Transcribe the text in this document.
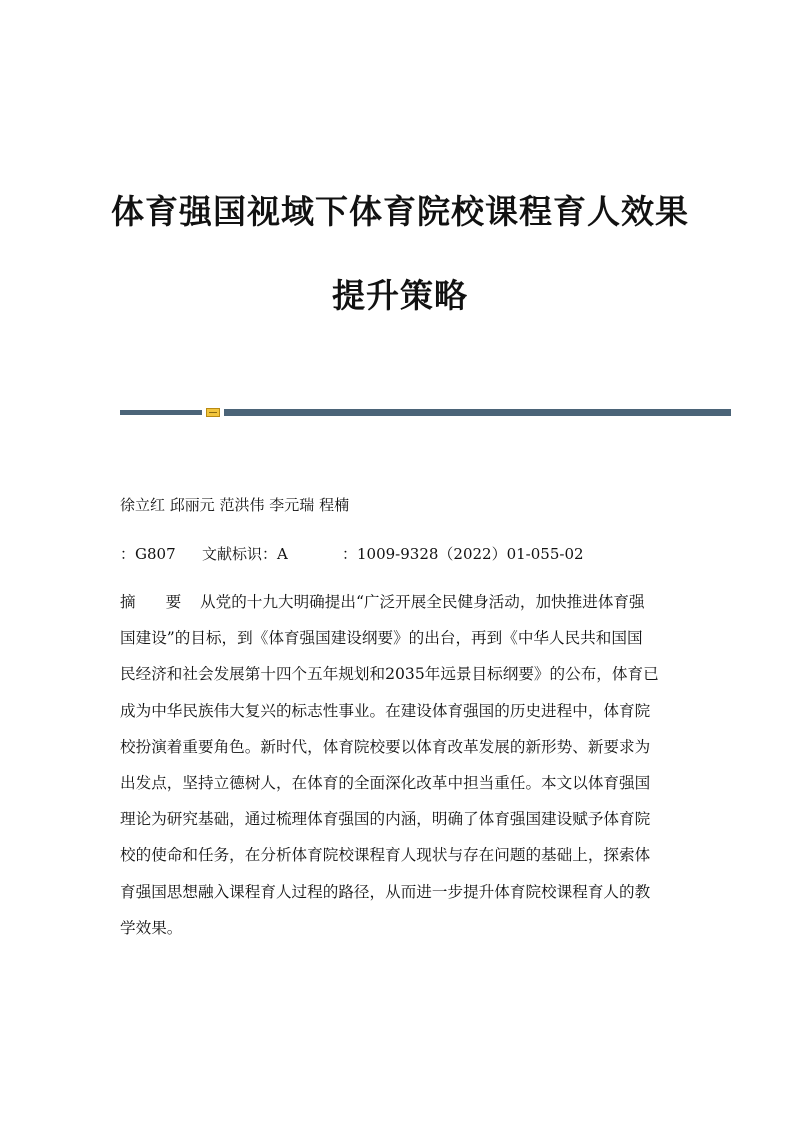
体育强国视域下体育院校课程育人效果
提升策略
徐立红 邱丽元 范洪伟 李元瑞 程楠
：G807 文献标识：A	：1009-9328（2022）01-055-02
摘 要 从党的十九大明确提出“广泛开展全民健身活动，加快推进体育强
国建设”的目标，到《体育强国建设纲要》的出台，再到《中华人民共和国国
民经济和社会发展第十四个五年规划和2035年远景目标纲要》的公布，体育已
成为中华民族伟大复兴的标志性事业。在建设体育强国的历史进程中，体育院
校扮演着重要角色。新时代，体育院校要以体育改革发展的新形势、新要求为
出发点，坚持立德树人，在体育的全面深化改革中担当重任。本文以体育强国
理论为研究基础，通过梳理体育强国的内涵，明确了体育强国建设赋予体育院
校的使命和任务，在分析体育院校课程育人现状与存在问题的基础上，探索体
育强国思想融入课程育人过程的路径，从而进一步提升体育院校课程育人的教
学效果。
